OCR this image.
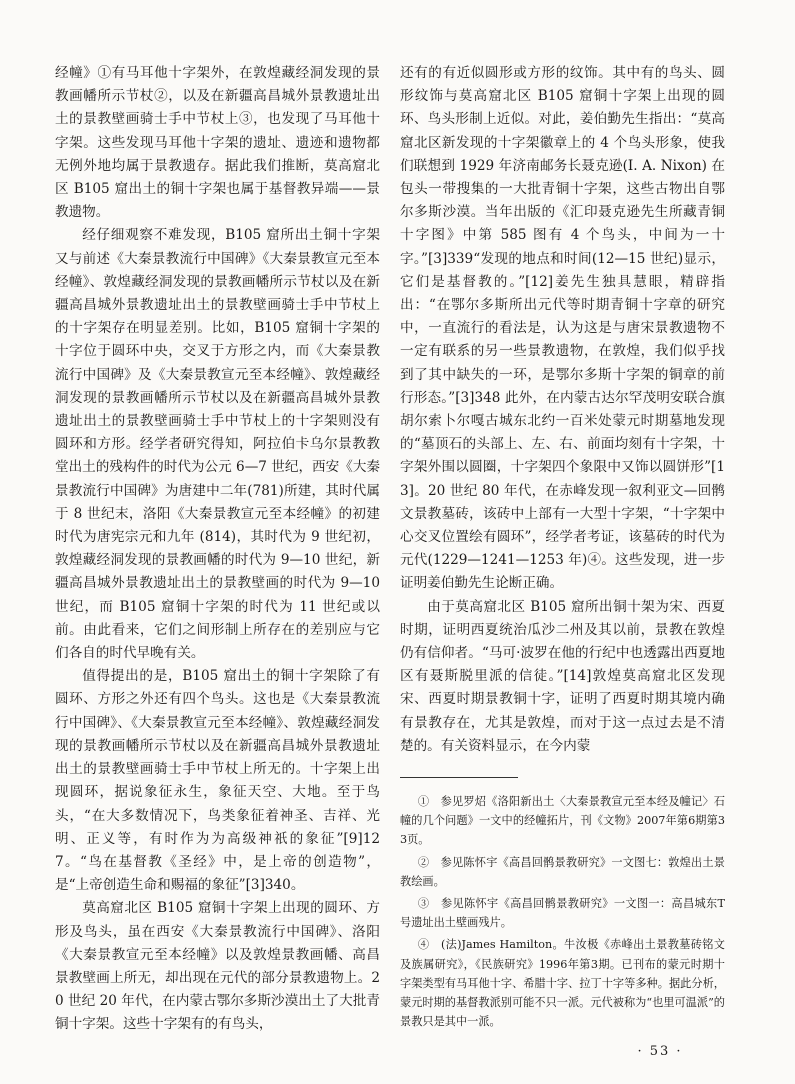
经幢》①有马耳他十字架外，在敦煌藏经洞发现的景教画幡所示节杖②，以及在新疆高昌城外景教遗址出土的景教壁画骑士手中节杖上③，也发现了马耳他十字架。这些发现马耳他十字架的遗址、遗迹和遗物都无例外地均属于景教遗存。据此我们推断，莫高窟北区 B105 窟出土的铜十字架也属于基督教异端——景教遗物。

经仔细观察不难发现，B105 窟所出土铜十字架又与前述《大秦景教流行中国碑》《大秦景教宣元至本经幢》、敦煌藏经洞发现的景教画幡所示节杖以及在新疆高昌城外景教遗址出土的景教壁画骑士手中节杖上的十字架存在明显差别。比如，B105 窟铜十字架的十字位于圆环中央，交叉于方形之内，而《大秦景教流行中国碑》及《大秦景教宣元至本经幢》、敦煌藏经洞发现的景教画幡所示节杖以及在新疆高昌城外景教遗址出土的景教壁画骑士手中节杖上的十字架则没有圆环和方形。经学者研究得知，阿拉伯卡乌尔景教教堂出土的残构件的时代为公元 6—7 世纪，西安《大秦景教流行中国碑》为唐建中二年(781)所建，其时代属于 8 世纪末，洛阳《大秦景教宣元至本经幢》的初建时代为唐宪宗元和九年 (814)，其时代为 9 世纪初，敦煌藏经洞发现的景教画幡的时代为 9—10 世纪，新疆高昌城外景教遗址出土的景教壁画的时代为 9—10 世纪，而 B105 窟铜十字架的时代为 11 世纪或以前。由此看来，它们之间形制上所存在的差别应与它们各自的时代早晚有关。

值得提出的是，B105 窟出土的铜十字架除了有圆环、方形之外还有四个鸟头。这也是《大秦景教流行中国碑》、《大秦景教宣元至本经幢》、敦煌藏经洞发现的景教画幡所示节杖以及在新疆高昌城外景教遗址出土的景教壁画骑士手中节杖上所无的。十字架上出现圆环，据说象征永生，象征天空、大地。至于鸟头，“在大多数情况下，鸟类象征着神圣、吉祥、光明、正义等，有时作为为高级神祇的象征”[9]127。“鸟在基督教《圣经》中，是上帝的创造物”，是“上帝创造生命和赐福的象征”[3]340。

莫高窟北区 B105 窟铜十字架上出现的圆环、方形及鸟头，虽在西安《大秦景教流行中国碑》、洛阳《大秦景教宣元至本经幢》以及敦煌景教画幡、高昌景教壁画上所无，却出现在元代的部分景教遗物上。20 世纪 20 年代，在内蒙古鄂尔多斯沙漠出土了大批青铜十字架。这些十字架有的有鸟头，

还有的有近似圆形或方形的纹饰。其中有的鸟头、圆形纹饰与莫高窟北区 B105 窟铜十字架上出现的圆环、鸟头形制上近似。对此，姜伯勤先生指出：“莫高窟北区新发现的十字架徽章上的 4 个鸟头形象，使我们联想到 1929 年济南邮务长聂克逊(I. A. Nixon) 在包头一带搜集的一大批青铜十字架，这些古物出自鄂尔多斯沙漠。当年出版的《汇印聂克逊先生所藏青铜十字图》中第 585 图有 4 个鸟头，中间为一十字。”[3]339“发现的地点和时间(12—15 世纪)显示，它们是基督教的。”[12]姜先生独具慧眼，精辟指出：“在鄂尔多斯所出元代等时期青铜十字章的研究中，一直流行的看法是，认为这是与唐宋景教遗物不一定有联系的另一些景教遗物，在敦煌，我们似乎找到了其中缺失的一环，是鄂尔多斯十字架的铜章的前行形态。”[3]348 此外，在内蒙古达尔罕茂明安联合旗胡尔索卜尔嘎古城东北约一百米处蒙元时期墓地发现的“墓顶石的头部上、左、右、前面均刻有十字架，十字架外围以圆圈，十字架四个象限中又饰以圆饼形”[13]。20 世纪 80 年代，在赤峰发现一叙利亚文—回鹘文景教墓砖，该砖中上部有一大型十字架，“十字架中心交叉位置绘有圆环”，经学者考证，该墓砖的时代为元代(1229—1241—1253 年)④。这些发现，进一步证明姜伯勤先生论断正确。

由于莫高窟北区 B105 窟所出铜十架为宋、西夏时期，证明西夏统治瓜沙二州及其以前，景教在敦煌仍有信仰者。“马可·波罗在他的行纪中也透露出西夏地区有聂斯脱里派的信徒。”[14]敦煌莫高窟北区发现宋、西夏时期景教铜十字，证明了西夏时期其境内确有景教存在，尤其是敦煌，而对于这一点过去是不清楚的。有关资料显示，在今内蒙

①　参见罗炤《洛阳新出土〈大秦景教宣元至本经及幢记〉石幢的几个问题》一文中的经幢拓片，刊《文物》2007年第6期第33页。

②　参见陈怀宇《高昌回鹘景教研究》一文图七：敦煌出土景教绘画。

③　参见陈怀宇《高昌回鹘景教研究》一文图一：高昌城东T号遗址出土壁画残片。

④　(法)James Hamilton。牛汝极《赤峰出土景教墓砖铭文及族属研究》，《民族研究》1996年第3期。已刊布的蒙元时期十字架类型有马耳他十字、希腊十字、拉丁十字等多种。据此分析，蒙元时期的基督教派别可能不只一派。元代被称为“也里可温派”的景教只是其中一派。

· 53 ·
